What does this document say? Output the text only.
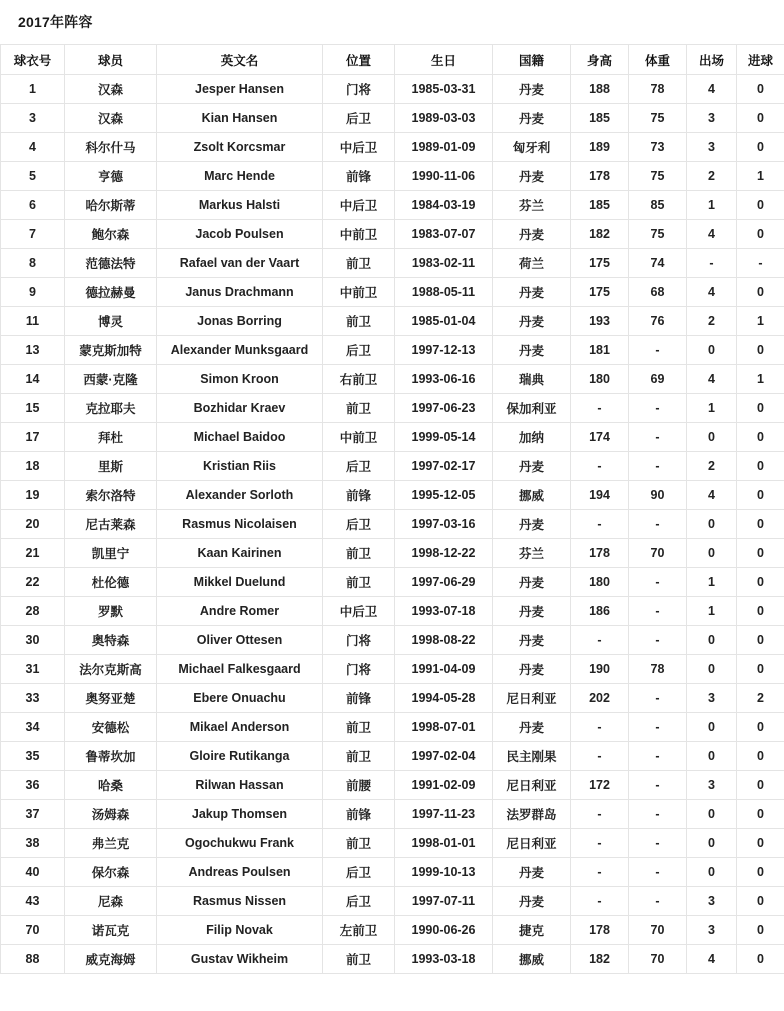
2017年阵容
球衣号	球员	英文名	位置	生日	国籍	身高	体重	出场	进球
1	汉森	Jesper Hansen	门将	1985-03-31	丹麦	188	78	4	0
3	汉森	Kian Hansen	后卫	1989-03-03	丹麦	185	75	3	0
4	科尔什马	Zsolt Korcsmar	中后卫	1989-01-09	匈牙利	189	73	3	0
5	亨德	Marc Hende	前锋	1990-11-06	丹麦	178	75	2	1
6	哈尔斯蒂	Markus Halsti	中后卫	1984-03-19	芬兰	185	85	1	0
7	鲍尔森	Jacob Poulsen	中前卫	1983-07-07	丹麦	182	75	4	0
8	范德法特	Rafael van der Vaart	前卫	1983-02-11	荷兰	175	74	-	-
9	德拉赫曼	Janus Drachmann	中前卫	1988-05-11	丹麦	175	68	4	0
11	博灵	Jonas Borring	前卫	1985-01-04	丹麦	193	76	2	1
13	蒙克斯加特	Alexander Munksgaard	后卫	1997-12-13	丹麦	181	-	0	0
14	西蒙·克隆	Simon Kroon	右前卫	1993-06-16	瑞典	180	69	4	1
15	克拉耶夫	Bozhidar Kraev	前卫	1997-06-23	保加利亚	-	-	1	0
17	拜杜	Michael Baidoo	中前卫	1999-05-14	加纳	174	-	0	0
18	里斯	Kristian Riis	后卫	1997-02-17	丹麦	-	-	2	0
19	索尔洛特	Alexander Sorloth	前锋	1995-12-05	挪威	194	90	4	0
20	尼古莱森	Rasmus Nicolaisen	后卫	1997-03-16	丹麦	-	-	0	0
21	凯里宁	Kaan Kairinen	前卫	1998-12-22	芬兰	178	70	0	0
22	杜伦德	Mikkel Duelund	前卫	1997-06-29	丹麦	180	-	1	0
28	罗默	Andre Romer	中后卫	1993-07-18	丹麦	186	-	1	0
30	奥特森	Oliver Ottesen	门将	1998-08-22	丹麦	-	-	0	0
31	法尔克斯高	Michael Falkesgaard	门将	1991-04-09	丹麦	190	78	0	0
33	奥努亚楚	Ebere Onuachu	前锋	1994-05-28	尼日利亚	202	-	3	2
34	安德松	Mikael Anderson	前卫	1998-07-01	丹麦	-	-	0	0
35	鲁蒂坎加	Gloire Rutikanga	前卫	1997-02-04	民主刚果	-	-	0	0
36	哈桑	Rilwan Hassan	前腰	1991-02-09	尼日利亚	172	-	3	0
37	汤姆森	Jakup Thomsen	前锋	1997-11-23	法罗群岛	-	-	0	0
38	弗兰克	Ogochukwu Frank	前卫	1998-01-01	尼日利亚	-	-	0	0
40	保尔森	Andreas Poulsen	后卫	1999-10-13	丹麦	-	-	0	0
43	尼森	Rasmus Nissen	后卫	1997-07-11	丹麦	-	-	3	0
70	诺瓦克	Filip Novak	左前卫	1990-06-26	捷克	178	70	3	0
88	威克海姆	Gustav Wikheim	前卫	1993-03-18	挪威	182	70	4	0
